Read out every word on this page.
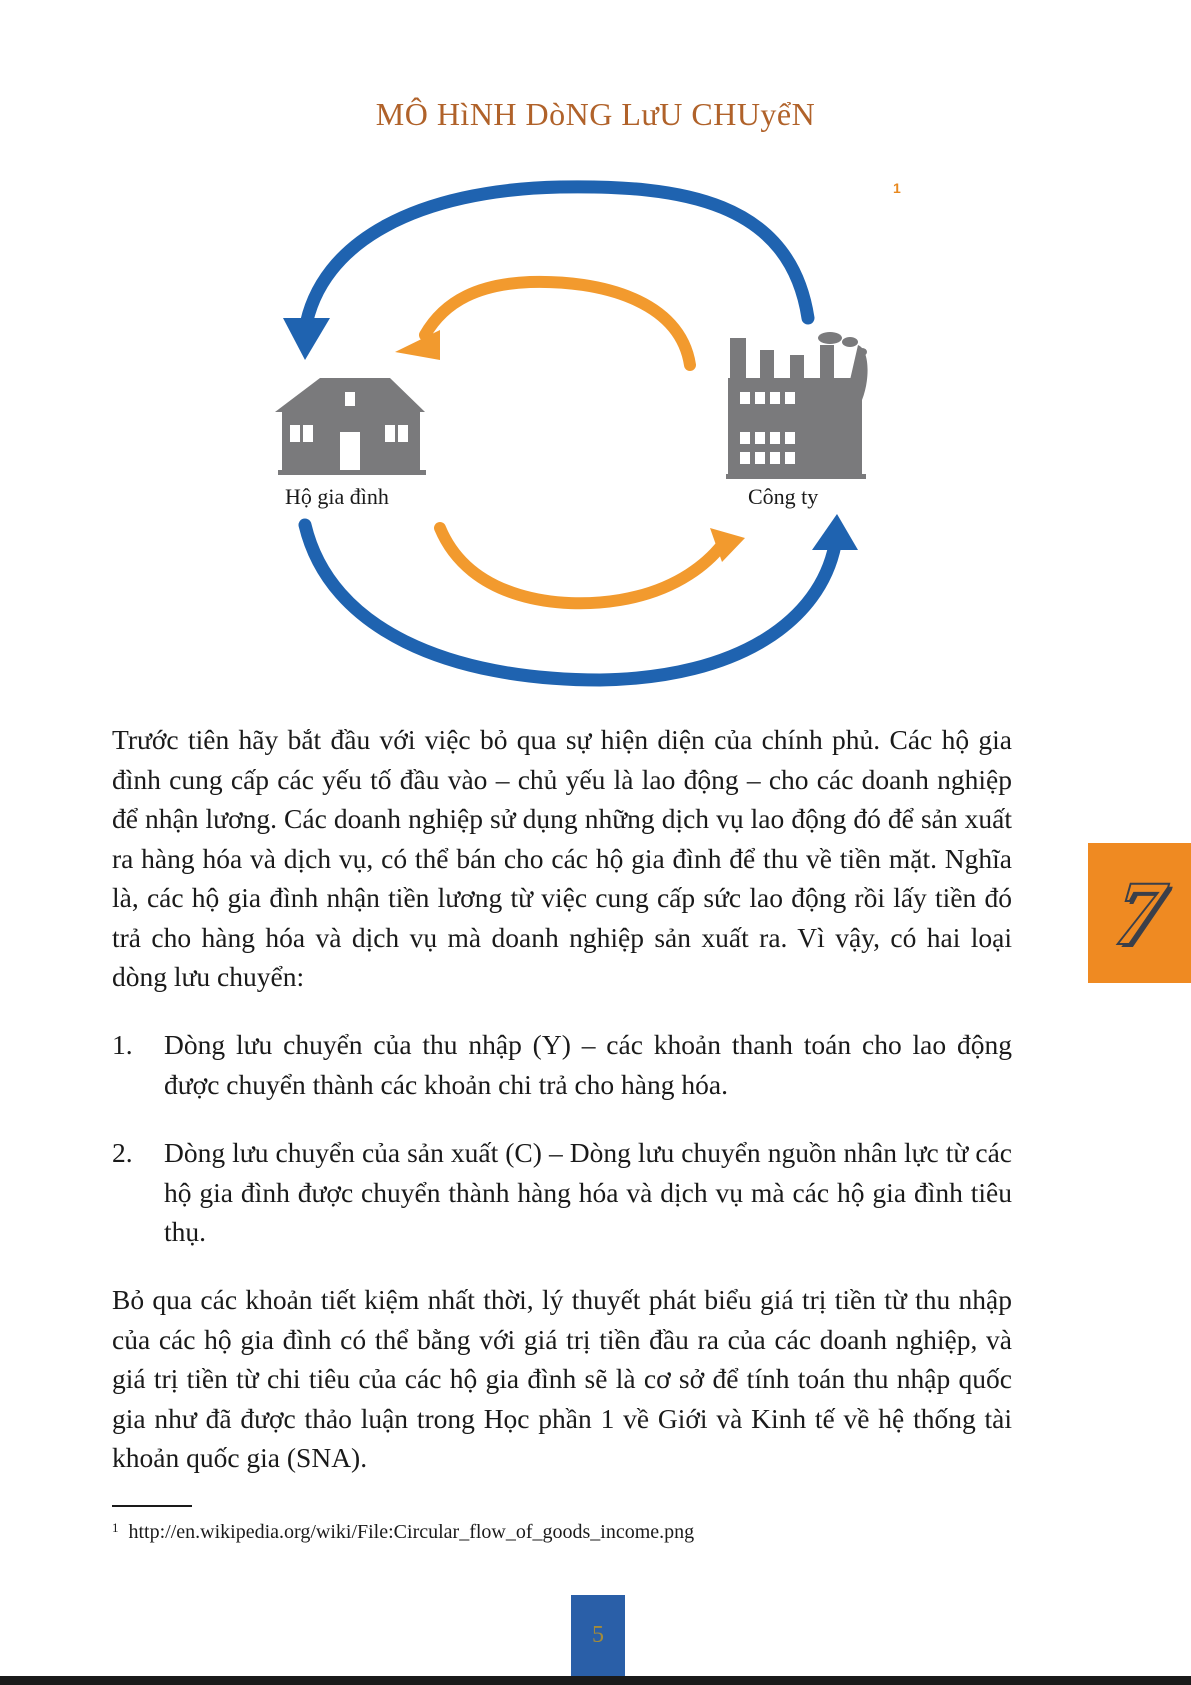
MÔ HìNH DòNG LưU CHUyểN
1
Hộ gia đình	Công ty
Trước tiên hãy bắt đầu với việc bỏ qua sự hiện diện của chính phủ. Các hộ gia đình cung cấp các yếu tố đầu vào – chủ yếu là lao động – cho các doanh nghiệp để nhận lương. Các doanh nghiệp sử dụng những dịch vụ lao động đó để sản xuất ra hàng hóa và dịch vụ, có thể bán cho các hộ gia đình để thu về tiền mặt. Nghĩa là, các hộ gia đình nhận tiền lương từ việc cung cấp sức lao động rồi lấy tiền đó trả cho hàng hóa và dịch vụ mà doanh nghiệp sản xuất ra. Vì vậy, có hai loại dòng lưu chuyển:
1. Dòng lưu chuyển của thu nhập (Y) – các khoản thanh toán cho lao động được chuyển thành các khoản chi trả cho hàng hóa.
2. Dòng lưu chuyển của sản xuất (C) – Dòng lưu chuyển nguồn nhân lực từ các hộ gia đình được chuyển thành hàng hóa và dịch vụ mà các hộ gia đình tiêu thụ.
Bỏ qua các khoản tiết kiệm nhất thời, lý thuyết phát biểu giá trị tiền từ thu nhập của các hộ gia đình có thể bằng với giá trị tiền đầu ra của các doanh nghiệp, và giá trị tiền từ chi tiêu của các hộ gia đình sẽ là cơ sở để tính toán thu nhập quốc gia như đã được thảo luận trong Học phần 1 về Giới và Kinh tế về hệ thống tài khoản quốc gia (SNA).
$^1$ http://en.wikipedia.org/wiki/File:Circular_flow_of_goods_income.png
7
5
